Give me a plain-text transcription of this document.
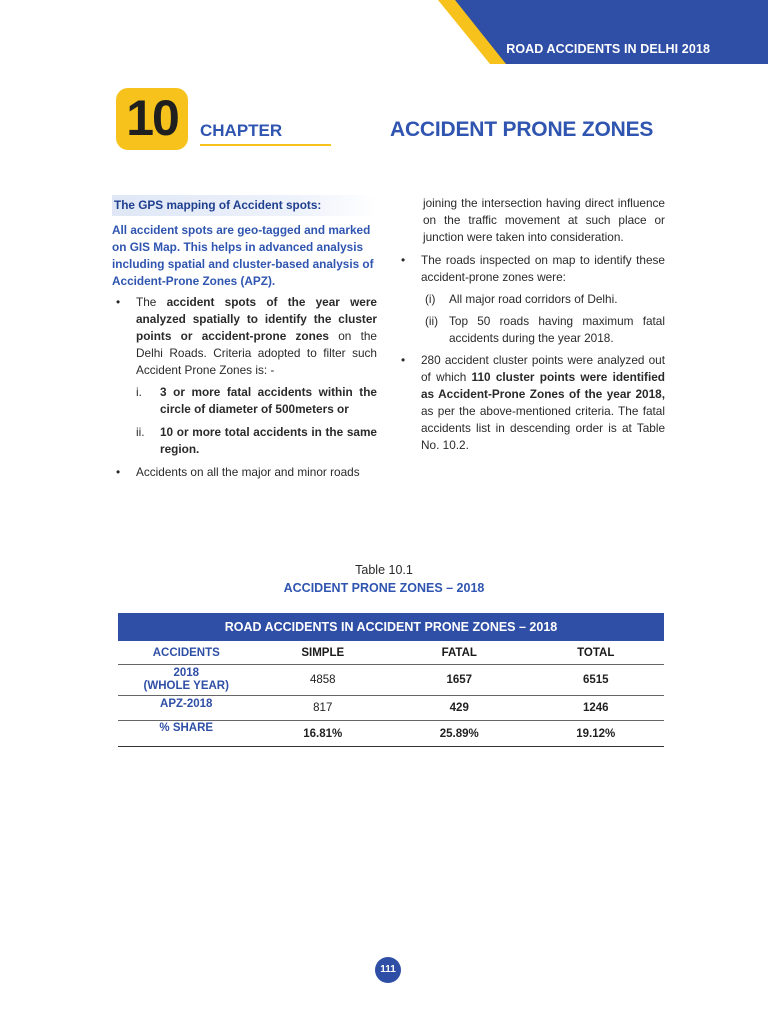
ROAD ACCIDENTS IN DELHI 2018
10	CHAPTER	ACCIDENT PRONE ZONES
The GPS mapping of Accident spots:
All accident spots are geo-tagged and marked on GIS Map. This helps in advanced analysis including spatial and cluster-based analysis of Accident-Prone Zones (APZ).
• The accident spots of the year were analyzed spatially to identify the cluster points or accident-prone zones on the Delhi Roads. Criteria adopted to filter such Accident Prone Zones is: -
i. 3 or more fatal accidents within the circle of diameter of 500meters or
ii. 10 or more total accidents in the same region.
• Accidents on all the major and minor roads
joining the intersection having direct influence on the traffic movement at such place or junction were taken into consideration.
• The roads inspected on map to identify these accident-prone zones were:
(i) All major road corridors of Delhi.
(ii) Top 50 roads having maximum fatal accidents during the year 2018.
• 280 accident cluster points were analyzed out of which 110 cluster points were identified as Accident-Prone Zones of the year 2018, as per the above-mentioned criteria. The fatal accidents list in descending order is at Table No. 10.2.
Table 10.1
ACCIDENT PRONE ZONES – 2018
ROAD ACCIDENTS IN ACCIDENT PRONE ZONES – 2018
ACCIDENTS	SIMPLE	FATAL	TOTAL
2018
(WHOLE YEAR)	4858	1657	6515
APZ-2018	817	429	1246
% SHARE	16.81%	25.89%	19.12%
111
